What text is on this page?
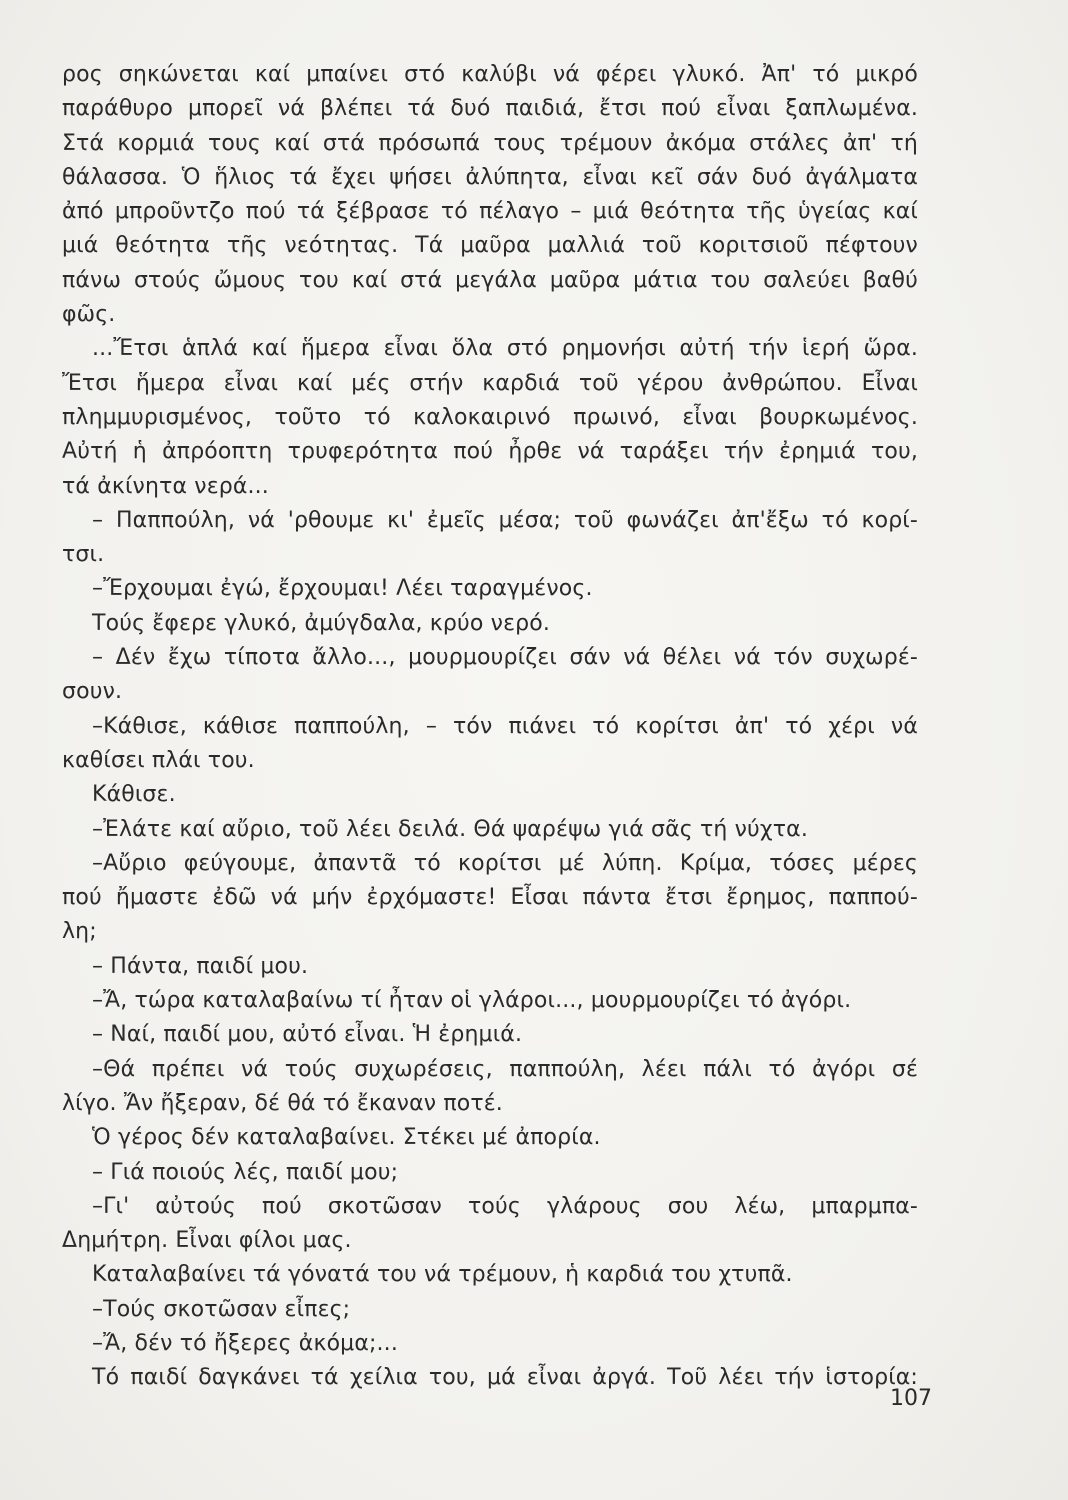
ρος σηκώνεται καί μπαίνει στό καλύβι νά φέρει γλυκό. Ἀπ' τό μικρό
παράθυρο μπορεῖ νά βλέπει τά δυό παιδιά, ἔτσι πού εἶναι ξαπλωμένα.
Στά κορμιά τους καί στά πρόσωπά τους τρέμουν ἀκόμα στάλες ἀπ' τή
θάλασσα. Ὁ ἥλιος τά ἔχει ψήσει ἀλύπητα, εἶναι κεῖ σάν δυό ἀγάλματα
ἀπό μπροῦντζο πού τά ξέβρασε τό πέλαγο – μιά θεότητα τῆς ὑγείας καί
μιά θεότητα τῆς νεότητας. Τά μαῦρα μαλλιά τοῦ κοριτσιοῦ πέφτουν
πάνω στούς ὤμους του καί στά μεγάλα μαῦρα μάτια του σαλεύει βαθύ
φῶς.
...Ἔτσι ἁπλά καί ἥμερα εἶναι ὅλα στό ρημονήσι αὐτή τήν ἱερή ὥρα.
Ἔτσι ἥμερα εἶναι καί μές στήν καρδιά τοῦ γέρου ἀνθρώπου. Εἶναι
πλημμυρισμένος, τοῦτο τό καλοκαιρινό πρωινό, εἶναι βουρκωμένος.
Αὐτή ἡ ἀπρόοπτη τρυφερότητα πού ἦρθε νά ταράξει τήν ἐρημιά του,
τά ἀκίνητα νερά...
– Παππούλη, νά 'ρθουμε κι' ἐμεῖς μέσα; τοῦ φωνάζει ἀπ'ἔξω τό κορί-
τσι.
–Ἔρχουμαι ἐγώ, ἔρχουμαι! Λέει ταραγμένος.
Τούς ἔφερε γλυκό, ἀμύγδαλα, κρύο νερό.
– Δέν ἔχω τίποτα ἄλλο..., μουρμουρίζει σάν νά θέλει νά τόν συχωρέ-
σουν.
–Κάθισε, κάθισε παππούλη, – τόν πιάνει τό κορίτσι ἀπ' τό χέρι νά
καθίσει πλάι του.
Κάθισε.
–Ἐλάτε καί αὔριο, τοῦ λέει δειλά. Θά ψαρέψω γιά σᾶς τή νύχτα.
–Αὔριο φεύγουμε, ἀπαντᾶ τό κορίτσι μέ λύπη. Κρίμα, τόσες μέρες
πού ἤμαστε ἐδῶ νά μήν ἐρχόμαστε! Εἶσαι πάντα ἔτσι ἔρημος, παππού-
λη;
– Πάντα, παιδί μου.
–Ἄ, τώρα καταλαβαίνω τί ἦταν οἱ γλάροι..., μουρμουρίζει τό ἀγόρι.
– Ναί, παιδί μου, αὐτό εἶναι. Ἡ ἐρημιά.
–Θά πρέπει νά τούς συχωρέσεις, παππούλη, λέει πάλι τό ἀγόρι σέ
λίγο. Ἄν ἤξεραν, δέ θά τό ἔκαναν ποτέ.
Ὁ γέρος δέν καταλαβαίνει. Στέκει μέ ἀπορία.
– Γιά ποιούς λές, παιδί μου;
–Γι' αὐτούς πού σκοτῶσαν τούς γλάρους σου λέω, μπαρμπα-
Δημήτρη. Εἶναι φίλοι μας.
Καταλαβαίνει τά γόνατά του νά τρέμουν, ἡ καρδιά του χτυπᾶ.
–Τούς σκοτῶσαν εἶπες;
–Ἄ, δέν τό ἤξερες ἀκόμα;...
Τό παιδί δαγκάνει τά χείλια του, μά εἶναι ἀργά. Τοῦ λέει τήν ἱστορία:
107
